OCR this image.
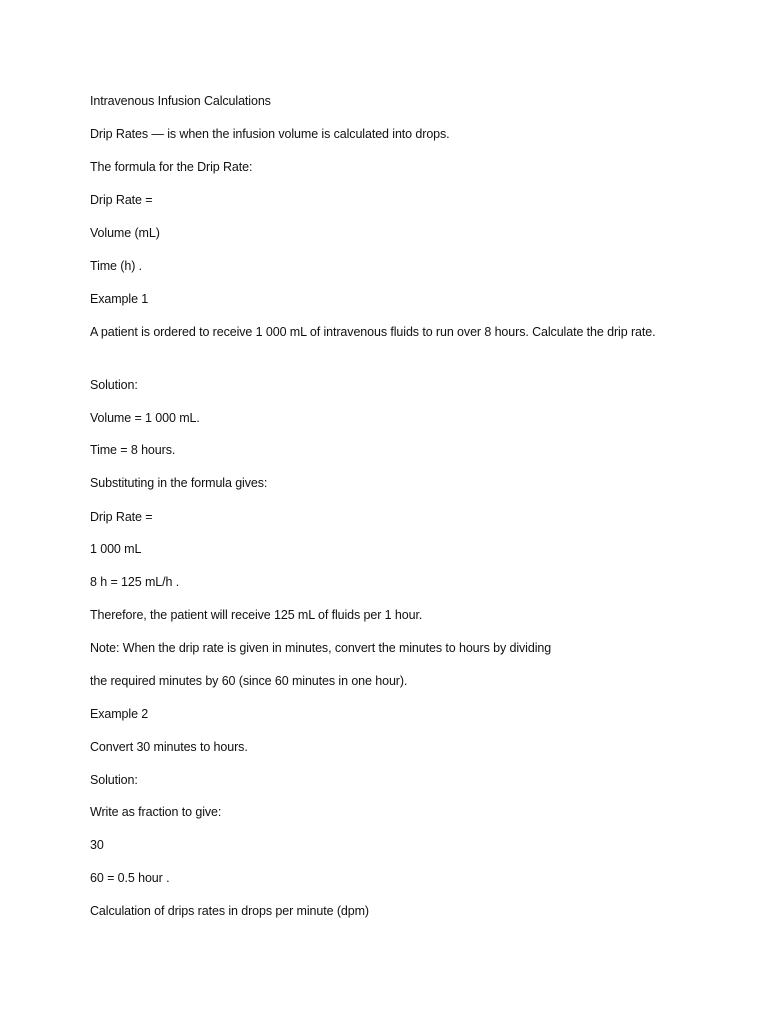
Intravenous Infusion Calculations
Drip Rates — is when the infusion volume is calculated into drops.
The formula for the Drip Rate:
Drip Rate =
Volume (mL)
Time (h) .
Example 1
A patient is ordered to receive 1 000 mL of intravenous fluids to run over 8 hours. Calculate the drip rate.
Solution:
Volume = 1 000 mL.
Time = 8 hours.
Substituting in the formula gives:
Drip Rate =
1 000 mL
8 h = 125 mL/h .
Therefore, the patient will receive 125 mL of fluids per 1 hour.
Note: When the drip rate is given in minutes, convert the minutes to hours by dividing
the required minutes by 60 (since 60 minutes in one hour).
Example 2
Convert 30 minutes to hours.
Solution:
Write as fraction to give:
30
60 = 0.5 hour .
Calculation of drips rates in drops per minute (dpm)
